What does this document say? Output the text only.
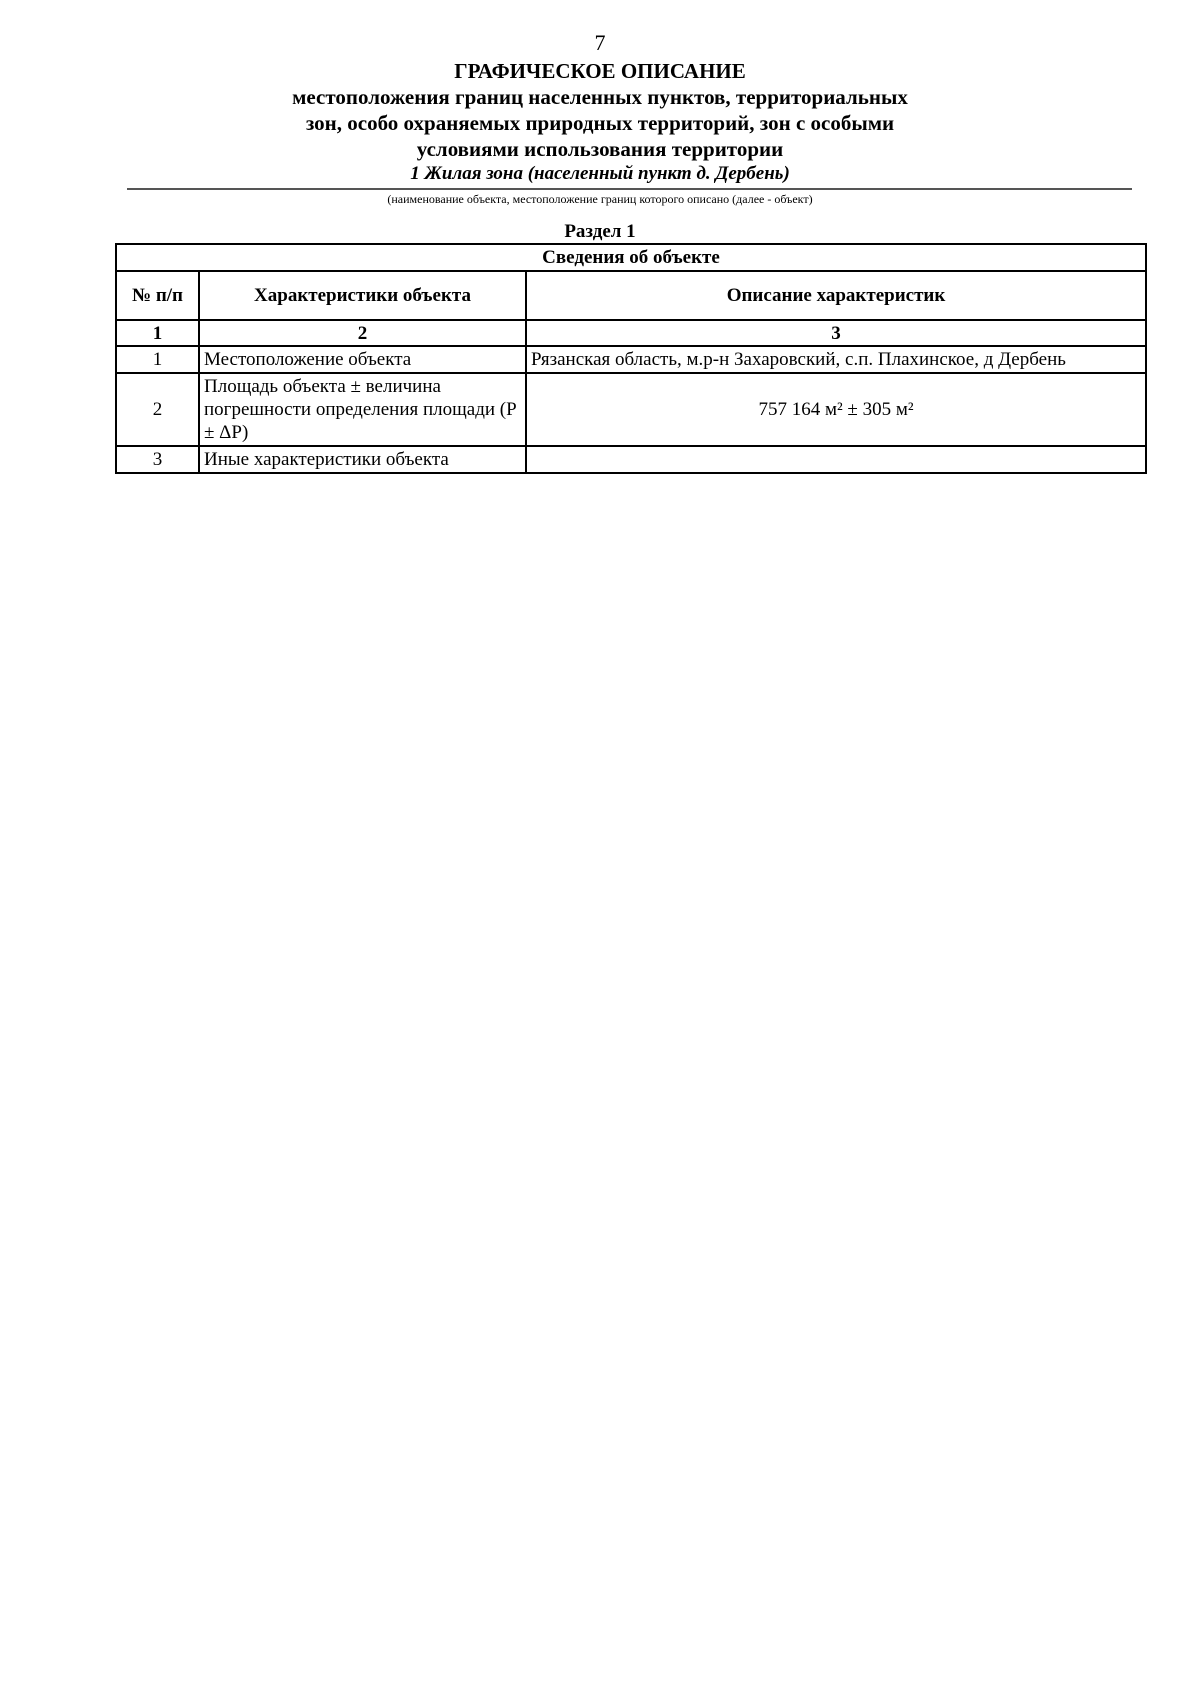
7
ГРАФИЧЕСКОЕ ОПИСАНИЕ
местоположения границ населенных пунктов, территориальных
зон, особо охраняемых природных территорий, зон с особыми
условиями использования территории
1 Жилая зона (населенный пункт д. Дербень)
(наименование объекта, местоположение границ которого описано (далее - объект)
Раздел 1
Сведения об объекте		
№ п/п	Характеристики объекта	Описание характеристик
1	2	3
1	Местоположение объекта	Рязанская область, м.р-н Захаровский, с.п. Плахинское, д Дербень
2	Площадь объекта ± величина погрешности определения площади (P ± ΔP)	757 164 м² ± 305 м²
3	Иные характеристики объекта	
